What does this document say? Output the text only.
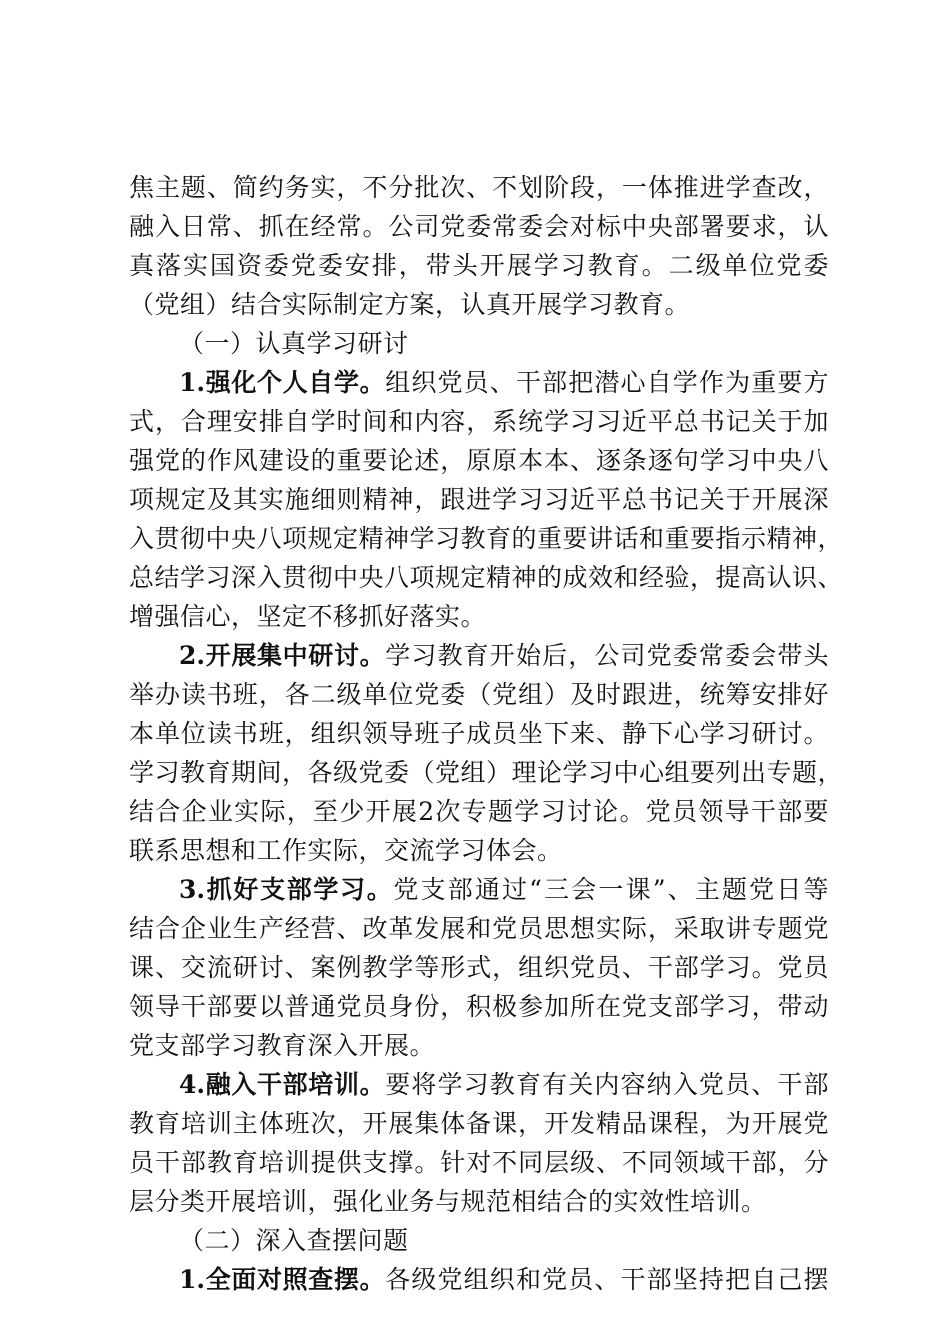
焦主题、简约务实，不分批次、不划阶段，一体推进学查改，
融入日常、抓在经常。公司党委常委会对标中央部署要求，认
真落实国资委党委安排，带头开展学习教育。二级单位党委
（党组）结合实际制定方案，认真开展学习教育。
（一）认真学习研讨
1.强化个人自学。组织党员、干部把潜心自学作为重要方
式，合理安排自学时间和内容，系统学习习近平总书记关于加
强党的作风建设的重要论述，原原本本、逐条逐句学习中央八
项规定及其实施细则精神，跟进学习习近平总书记关于开展深
入贯彻中央八项规定精神学习教育的重要讲话和重要指示精神，
总结学习深入贯彻中央八项规定精神的成效和经验，提高认识、
增强信心，坚定不移抓好落实。
2.开展集中研讨。学习教育开始后，公司党委常委会带头
举办读书班，各二级单位党委（党组）及时跟进，统筹安排好
本单位读书班，组织领导班子成员坐下来、静下心学习研讨。
学习教育期间，各级党委（党组）理论学习中心组要列出专题，
结合企业实际，至少开展2次专题学习讨论。党员领导干部要
联系思想和工作实际，交流学习体会。
3.抓好支部学习。党支部通过“三会一课”、主题党日等
结合企业生产经营、改革发展和党员思想实际，采取讲专题党
课、交流研讨、案例教学等形式，组织党员、干部学习。党员
领导干部要以普通党员身份，积极参加所在党支部学习，带动
党支部学习教育深入开展。
4.融入干部培训。要将学习教育有关内容纳入党员、干部
教育培训主体班次，开展集体备课，开发精品课程，为开展党
员干部教育培训提供支撑。针对不同层级、不同领域干部，分
层分类开展培训，强化业务与规范相结合的实效性培训。
（二）深入查摆问题
1.全面对照查摆。各级党组织和党员、干部坚持把自己摆
